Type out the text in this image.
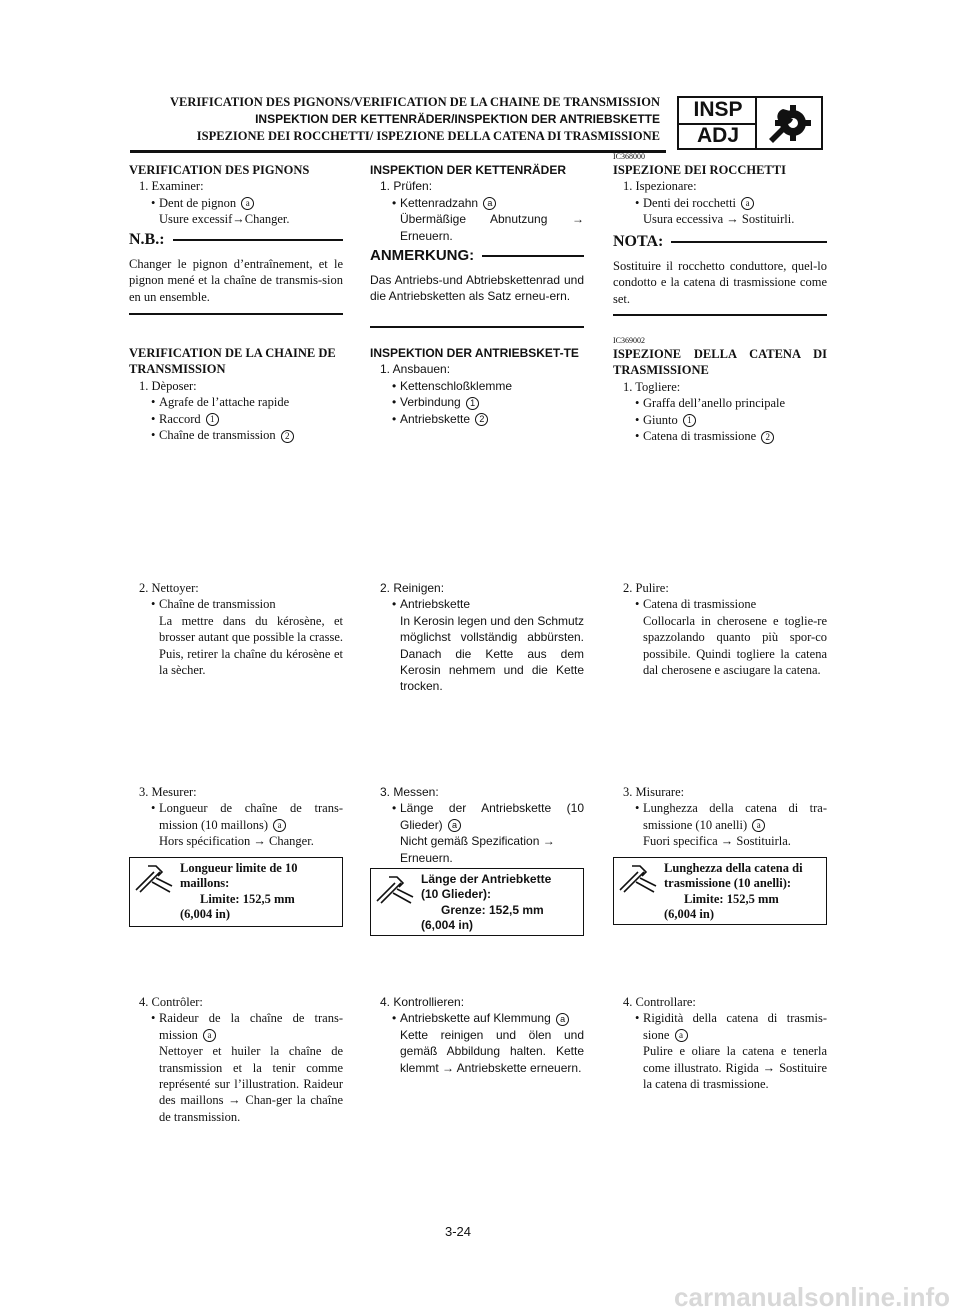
VERIFICATION DES PIGNONS/VERIFICATION DE LA CHAINE DE TRANSMISSION
INSPEKTION DER KETTENRÄDER/INSPEKTION DER ANTRIEBSKETTE
ISPEZIONE DEI ROCCHETTI/ ISPEZIONE DELLA CATENA DI TRASMISSIONE
INSP
ADJ
VERIFICATION DES PIGNONS
1. Examiner:
• Dent de pignon a
Usure excessif→Changer.
N.B.:
Changer le pignon d’entraînement, et le pignon mené et la chaîne de transmis-sion en un ensemble.
VERIFICATION DE LA CHAINE DE TRANSMISSION
1. Dèposer:
• Agrafe de l’attache rapide
• Raccord 1
• Chaîne de transmission 2
2. Nettoyer:
• Chaîne de transmission
La mettre dans du kérosène, et brosser autant que possible la crasse. Puis, retirer la chaîne du kérosène et la sècher.
3. Mesurer:
• Longueur de chaîne de trans-mission (10 maillons) a
Hors spécification → Changer.
Longueur limite de 10
maillons:
Limite: 152,5 mm
(6,004 in)
4. Contrôler:
• Raideur de la chaîne de trans-mission a
Nettoyer et huiler la chaîne de transmission et la tenir comme représenté sur l’illustration. Raideur des maillons → Chan-ger la chaîne de transmission.
INSPEKTION DER KETTENRÄDER
1. Prüfen:
• Kettenradzahn a
Übermäßige Abnutzung → Erneuern.
ANMERKUNG:
Das Antriebs-und Abtriebskettenrad und die Antriebsketten als Satz erneu-ern.
INSPEKTION DER ANTRIEBSKET-TE
1. Ansbauen:
• Kettenschloßklemme
• Verbindung 1
• Antriebskette 2
2. Reinigen:
• Antriebskette
In Kerosin legen und den Schmutz möglichst vollständig abbürsten. Danach die Kette aus dem Kerosin nehmem und die Kette trocken.
3. Messen:
• Länge der Antriebskette (10 Glieder) a
Nicht gemäß Spezification → Erneuern.
Länge der Antriebkette
(10 Glieder):
Grenze: 152,5 mm
(6,004 in)
4. Kontrollieren:
• Antriebskette auf Klemmung a
Kette reinigen und ölen und gemäß Abbildung halten. Kette klemmt → Antriebskette erneuern.
IC368000
ISPEZIONE DEI ROCCHETTI
1. Ispezionare:
• Denti dei rocchetti a
Usura eccessiva → Sostituirli.
NOTA:
Sostituire il rocchetto conduttore, quel-lo condotto e la catena di trasmissione come set.
IC369002
ISPEZIONE DELLA CATENA DI TRASMISSIONE
1. Togliere:
• Graffa dell’anello principale
• Giunto 1
• Catena di trasmissione 2
2. Pulire:
• Catena di trasmissione
Collocarla in cherosene e toglie-re spazzolando quanto più spor-co possibile. Quindi togliere la catena dal cherosene e asciugare la catena.
3. Misurare:
• Lunghezza della catena di tra-smissione (10 anelli) a
Fuori specifica → Sostituirla.
Lunghezza della catena di
trasmissione (10 anelli):
Limite: 152,5 mm
(6,004 in)
4. Controllare:
• Rigidità della catena di trasmis-sione a
Pulire e oliare la catena e tenerla come illustrato. Rigida → Sostituire la catena di trasmissione.
3-24
carmanualsonline.info
